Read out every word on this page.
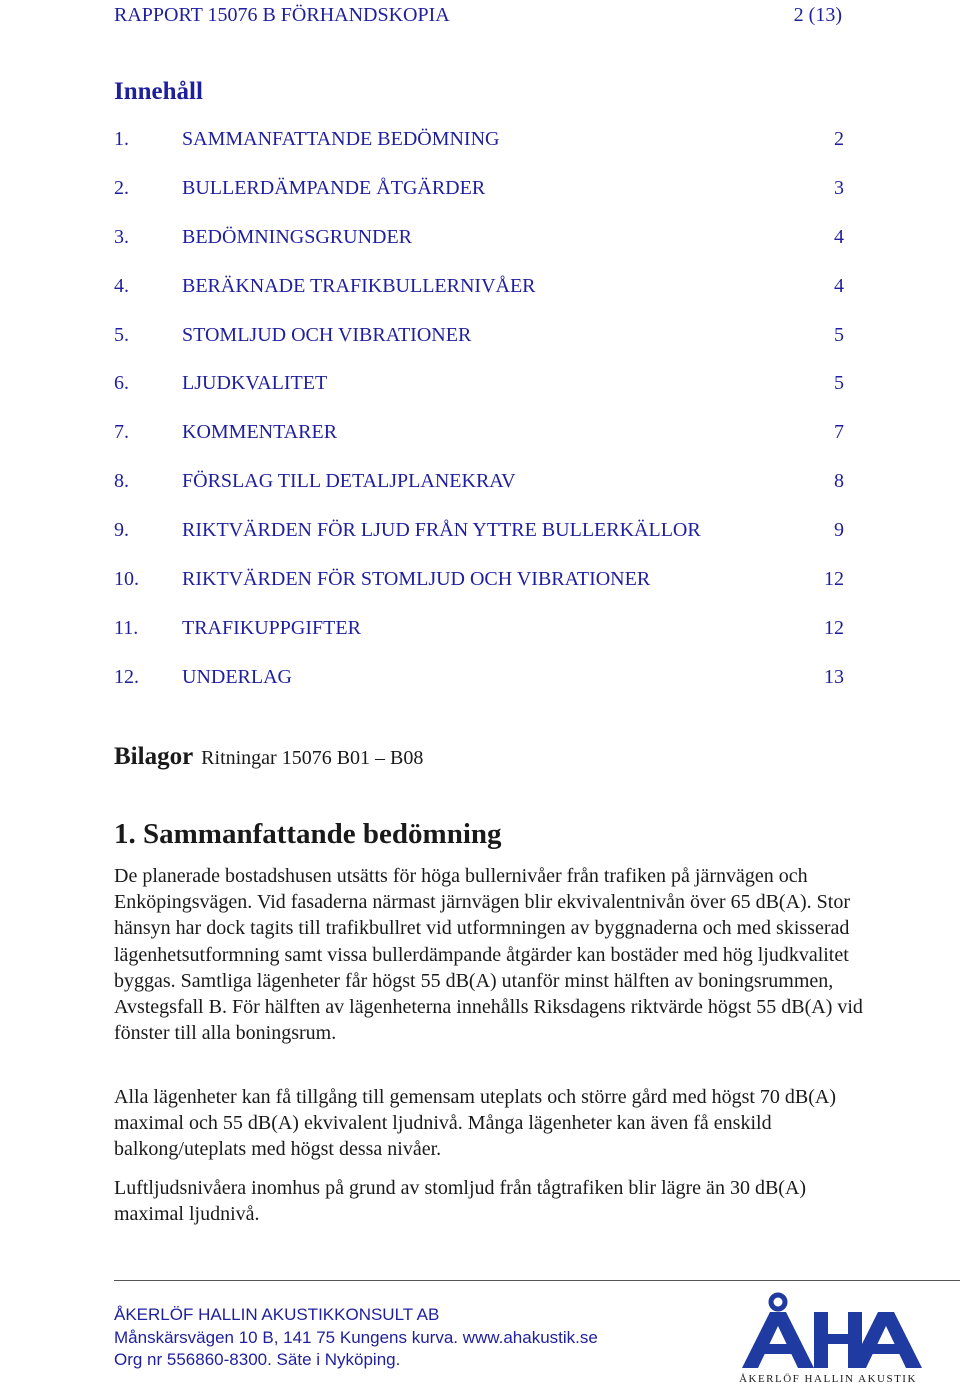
RAPPORT 15076 B FÖRHANDSKOPIA	2 (13)
Innehåll
1.	SAMMANFATTANDE BEDÖMNING	2
2.	BULLERDÄMPANDE ÅTGÄRDER	3
3.	BEDÖMNINGSGRUNDER	4
4.	BERÄKNADE TRAFIKBULLERNIVÅER	4
5.	STOMLJUD OCH VIBRATIONER	5
6.	LJUDKVALITET	5
7.	KOMMENTARER	7
8.	FÖRSLAG TILL DETALJPLANEKRAV	8
9.	RIKTVÄRDEN FÖR LJUD FRÅN YTTRE BULLERKÄLLOR	9
10. RIKTVÄRDEN FÖR STOMLJUD OCH VIBRATIONER	12
11. TRAFIKUPPGIFTER	12
12. UNDERLAG	13
Bilagor Ritningar 15076 B01 – B08
1. Sammanfattande bedömning

De planerade bostadshusen utsätts för höga bullernivåer från trafiken på järnvägen och Enköpingsvägen. Vid fasaderna närmast järnvägen blir ekvivalentnivån över 65 dB(A). Stor hänsyn har dock tagits till trafikbullret vid utformningen av byggnaderna och med skisserad lägenhetsutformning samt vissa bullerdämpande åtgärder kan bostäder med hög ljudkvalitet byggas. Samtliga lägenheter får högst 55 dB(A) utanför minst hälften av boningsrummen, Avstegsfall B. För hälften av lägenheterna innehålls Riksdagens riktvärde högst 55 dB(A) vid fönster till alla boningsrum.

Alla lägenheter kan få tillgång till gemensam uteplats och större gård med högst 70 dB(A) maximal och 55 dB(A) ekvivalent ljudnivå. Många lägenheter kan även få enskild balkong/uteplats med högst dessa nivåer.

Luftljudsnivåera inomhus på grund av stomljud från tågtrafiken blir lägre än 30 dB(A) maximal ljudnivå.

ÅKERLÖF HALLIN AKUSTIKKONSULT AB
Månskärsvägen 10 B, 141 75 Kungens kurva. www.ahakustik.se
Org nr 556860-8300. Säte i Nyköping.
ÅKERLÖF HALLIN AKUSTIK
